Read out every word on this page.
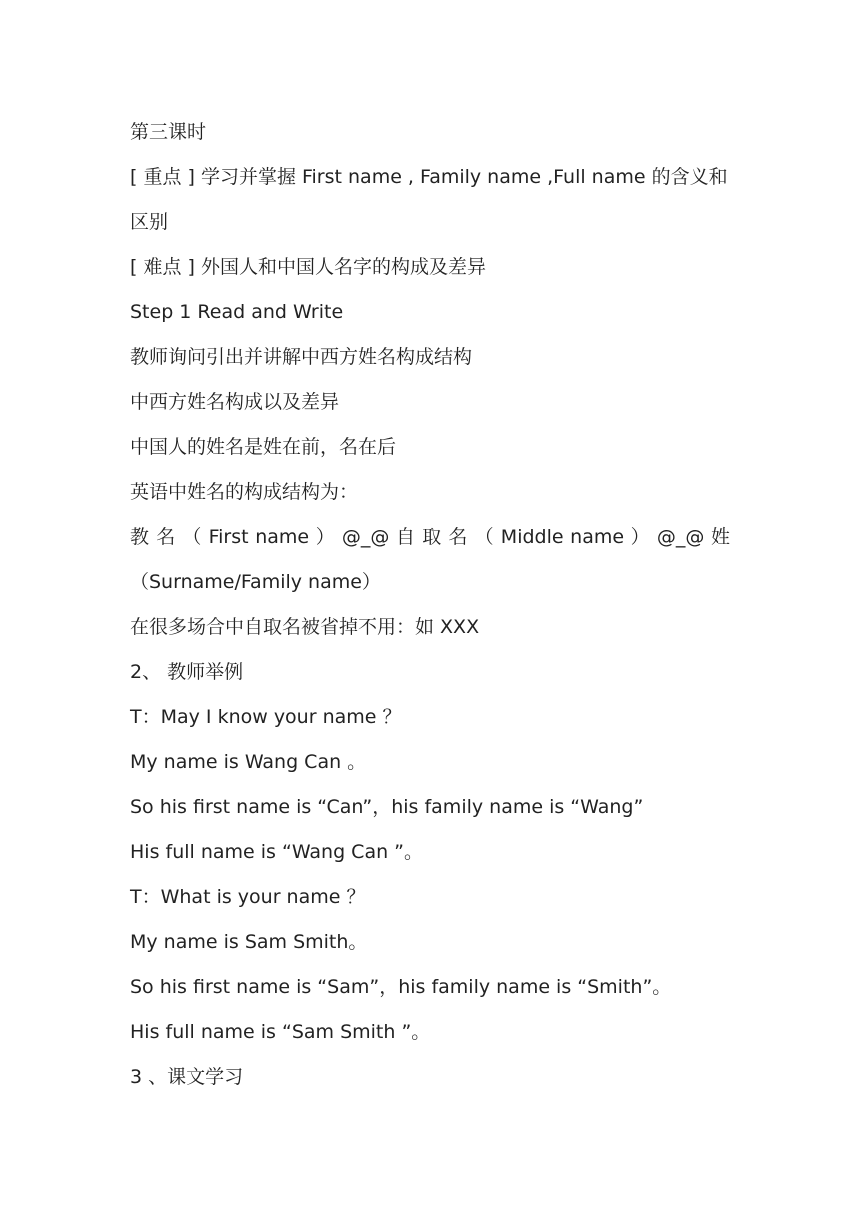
第三课时
[ 重点 ] 学习并掌握 First name , Family name ,Full name 的含义和
区别
[ 难点 ] 外国人和中国人名字的构成及差异
Step 1 Read and Write
教师询问引出并讲解中西方姓名构成结构
中西方姓名构成以及差异
中国人的姓名是姓在前，名在后
英语中姓名的构成结构为：
教 名 （ First name ） @_@ 自 取 名 （ Middle name ） @_@ 姓
（Surname/Family name）
在很多场合中自取名被省掉不用：如 XXX
2、 教师举例
T：May I know your name ？
My name is Wang Can 。
So his first name is “Can”，his family name is “Wang”
His full name is “Wang Can ”。
T：What is your name ？
My name is Sam Smith。
So his first name is “Sam”，his family name is “Smith”。
His full name is “Sam Smith ”。
3 、课文学习
